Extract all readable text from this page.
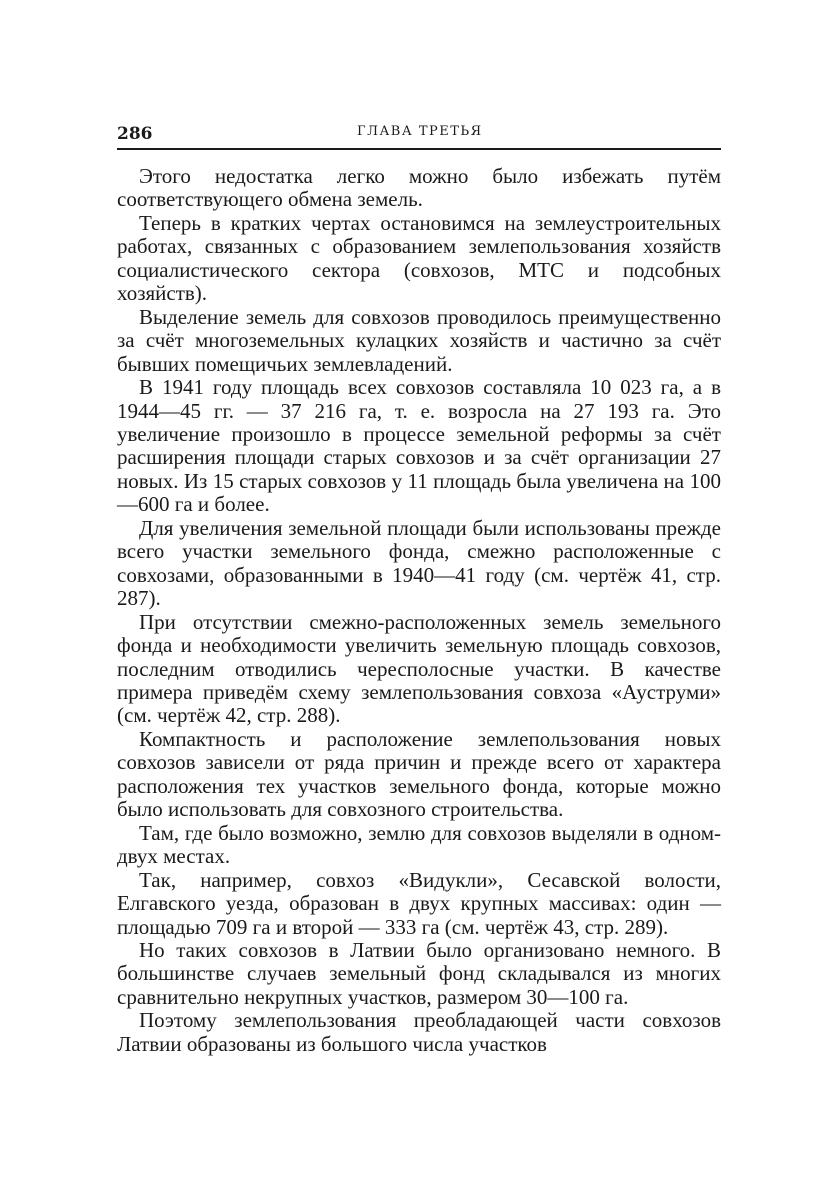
286	ГЛАВА ТРЕТЬЯ

Этого недостатка легко можно было избежать путём соответствующего обмена земель.

Теперь в кратких чертах остановимся на землеустроительных работах, связанных с образованием землепользования хозяйств социалистического сектора (совхозов, МТС и подсобных хозяйств).

Выделение земель для совхозов проводилось преимущественно за счёт многоземельных кулацких хозяйств и частично за счёт бывших помещичьих землевладений.

В 1941 году площадь всех совхозов составляла 10 023 га, а в 1944—45 гг. — 37 216 га, т. е. возросла на 27 193 га. Это увеличение произошло в процессе земельной реформы за счёт расширения площади старых совхозов и за счёт организации 27 новых. Из 15 старых совхозов у 11 площадь была увеличена на 100—600 га и более.

Для увеличения земельной площади были использованы прежде всего участки земельного фонда, смежно расположенные с совхозами, образованными в 1940—41 году (см. чертёж 41, стр. 287).

При отсутствии смежно-расположенных земель земельного фонда и необходимости увеличить земельную площадь совхозов, последним отводились чересполосные участки. В качестве примера приведём схему землепользования совхоза «Ауструми» (см. чертёж 42, стр. 288).

Компактность и расположение землепользования новых совхозов зависели от ряда причин и прежде всего от характера расположения тех участков земельного фонда, которые можно было использовать для совхозного строительства.

Там, где было возможно, землю для совхозов выделяли в одном-двух местах.

Так, например, совхоз «Видукли», Сесавской волости, Елгавского уезда, образован в двух крупных массивах: один — площадью 709 га и второй — 333 га (см. чертёж 43, стр. 289).

Но таких совхозов в Латвии было организовано немного. В большинстве случаев земельный фонд складывался из многих сравнительно некрупных участков, размером 30—100 га.

Поэтому землепользования преобладающей части совхозов Латвии образованы из большого числа участков
